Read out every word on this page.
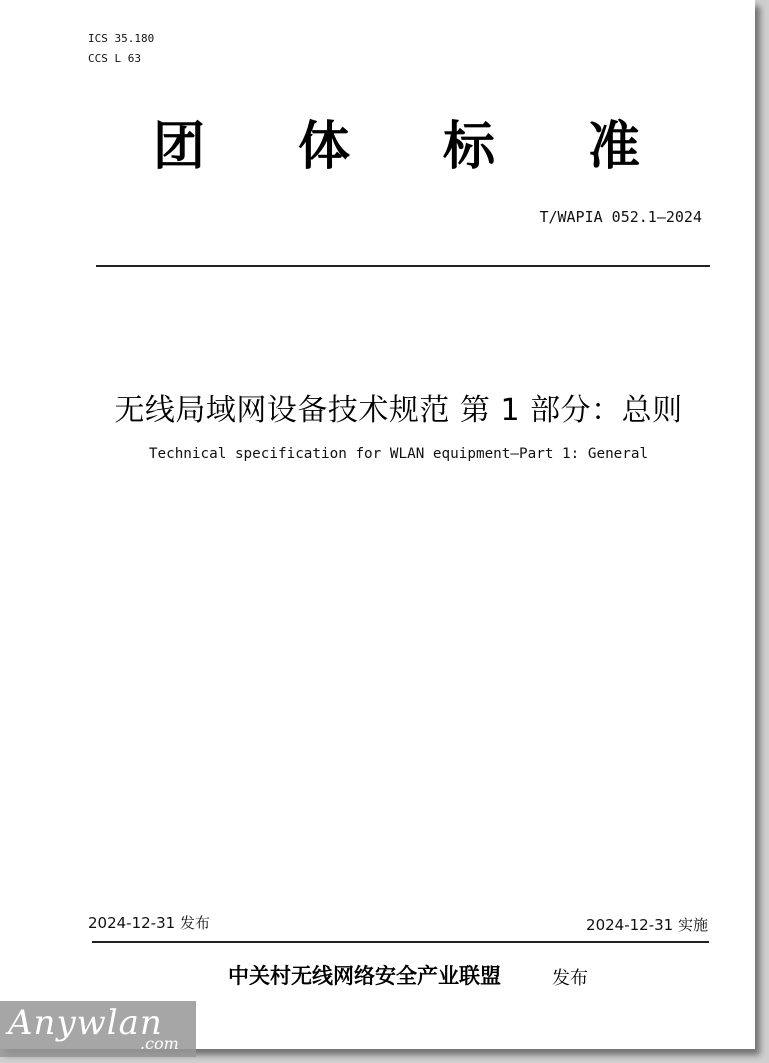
ICS 35.180
CCS L 63
团 体 标 准
T/WAPIA 052.1—2024
无线局域网设备技术规范 第 1 部分：总则
Technical specification for WLAN equipment—Part 1: General
2024-12-31 发布	2024-12-31 实施
中关村无线网络安全产业联盟	发布
Anywlan
.com
